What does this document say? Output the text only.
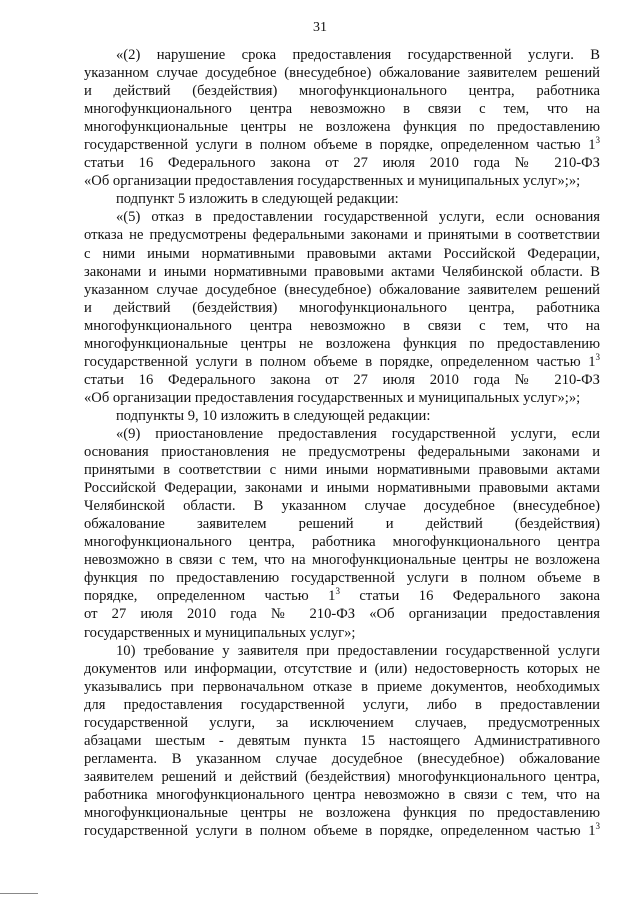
31
«(2) нарушение срока предоставления государственной услуги. В
указанном случае досудебное (внесудебное) обжалование заявителем решений
и действий (бездействия) многофункционального центра, работника
многофункционального центра невозможно в связи с тем, что на
многофункциональные центры не возложена функция по предоставлению
государственной услуги в полном объеме в порядке, определенном частью $1^3$
статьи 16 Федерального закона от 27 июля 2010 года № 210-ФЗ
«Об организации предоставления государственных и муниципальных услуг»;»;
подпункт 5 изложить в следующей редакции:
«(5) отказ в предоставлении государственной услуги, если основания
отказа не предусмотрены федеральными законами и принятыми в соответствии
с ними иными нормативными правовыми актами Российской Федерации,
законами и иными нормативными правовыми актами Челябинской области. В
указанном случае досудебное (внесудебное) обжалование заявителем решений
и действий (бездействия) многофункционального центра, работника
многофункционального центра невозможно в связи с тем, что на
многофункциональные центры не возложена функция по предоставлению
государственной услуги в полном объеме в порядке, определенном частью $1^3$
статьи 16 Федерального закона от 27 июля 2010 года № 210-ФЗ
«Об организации предоставления государственных и муниципальных услуг»;»;
подпункты 9, 10 изложить в следующей редакции:
«(9) приостановление предоставления государственной услуги, если
основания приостановления не предусмотрены федеральными законами и
принятыми в соответствии с ними иными нормативными правовыми актами
Российской Федерации, законами и иными нормативными правовыми актами
Челябинской области. В указанном случае досудебное (внесудебное)
обжалование заявителем решений и действий (бездействия)
многофункционального центра, работника многофункционального центра
невозможно в связи с тем, что на многофункциональные центры не возложена
функция по предоставлению государственной услуги в полном объеме в
порядке, определенном частью $1^3$ статьи 16 Федерального закона
от 27 июля 2010 года № 210-ФЗ «Об организации предоставления
государственных и муниципальных услуг»;
10) требование у заявителя при предоставлении государственной услуги
документов или информации, отсутствие и (или) недостоверность которых не
указывались при первоначальном отказе в приеме документов, необходимых
для предоставления государственной услуги, либо в предоставлении
государственной услуги, за исключением случаев, предусмотренных
абзацами шестым - девятым пункта 15 настоящего Административного
регламента. В указанном случае досудебное (внесудебное) обжалование
заявителем решений и действий (бездействия) многофункционального центра,
работника многофункционального центра невозможно в связи с тем, что на
многофункциональные центры не возложена функция по предоставлению
государственной услуги в полном объеме в порядке, определенном частью $1^3$
